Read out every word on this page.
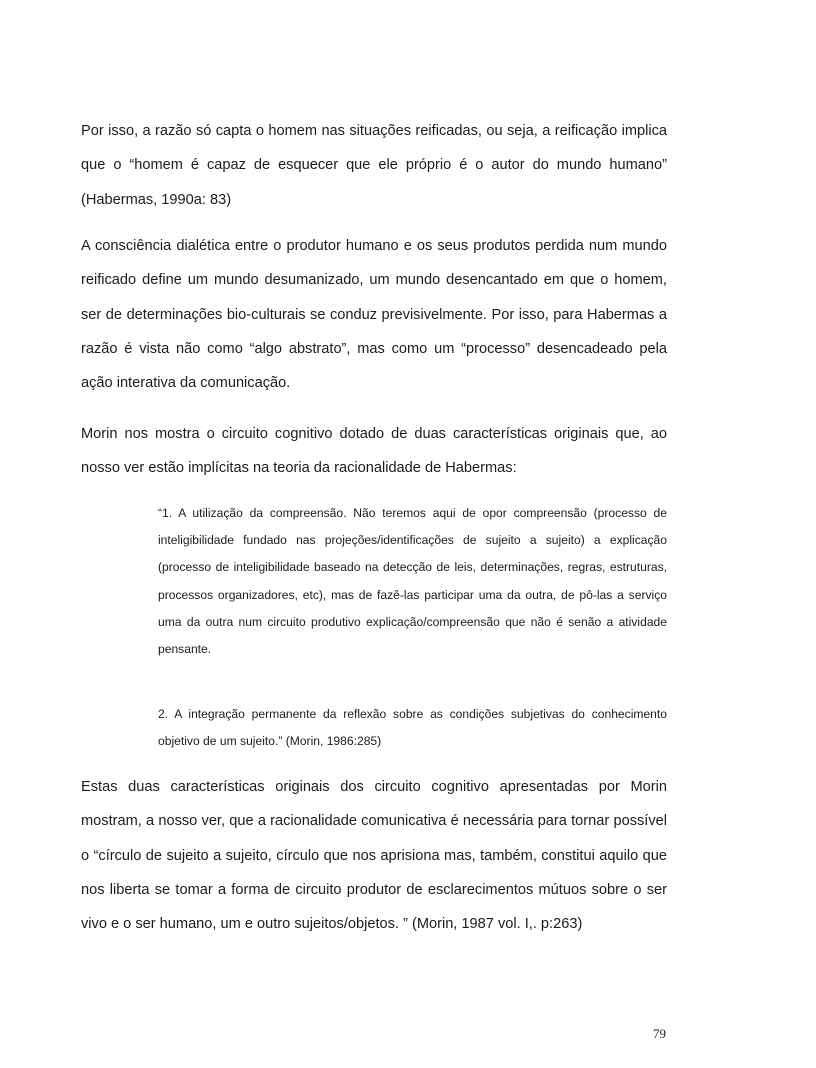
Por isso, a razão só capta o homem nas situações reificadas, ou seja, a reificação implica que o “homem é capaz de esquecer que ele próprio é o autor do mundo humano” (Habermas, 1990a: 83)

A consciência dialética entre o produtor humano e os seus produtos perdida num mundo reificado define um mundo desumanizado, um mundo desencantado em que o homem, ser de determinações bio-culturais se conduz previsivelmente. Por isso, para Habermas a razão é vista não como “algo abstrato”, mas como um “processo” desencadeado pela ação interativa da comunicação.

Morin nos mostra o circuito cognitivo dotado de duas características originais que, ao nosso ver estão implícitas na teoria da racionalidade de Habermas:

“1. A utilização da compreensão. Não teremos aqui de opor compreensão (processo de inteligibilidade fundado nas projeções/identificações de sujeito a sujeito) a explicação (processo de inteligibilidade baseado na detecção de leis, determinações, regras, estruturas, processos organizadores, etc), mas de fazê-las participar uma da outra, de pô-las a serviço uma da outra num circuito produtivo explicação/compreensão que não é senão a atividade pensante.

2. A integração permanente da reflexão sobre as condições subjetivas do conhecimento objetivo de um sujeito.” (Morin, 1986:285)

Estas duas características originais dos circuito cognitivo apresentadas por Morin mostram, a nosso ver, que a racionalidade comunicativa é necessária para tornar possível o “círculo de sujeito a sujeito, círculo que nos aprisiona mas, também, constitui aquilo que nos liberta se tomar a forma de circuito produtor de esclarecimentos mútuos sobre o ser vivo e o ser humano, um e outro sujeitos/objetos. ” (Morin, 1987 vol. I,. p:263)

79
